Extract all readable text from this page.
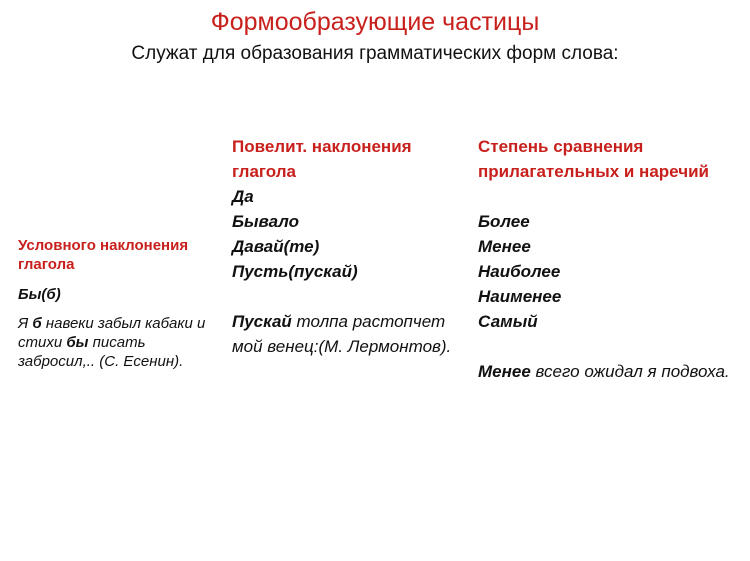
Формообразующие частицы
Служат для образования грамматических форм слова:
Условного наклонения глагола
Бы(б)
Я б навеки забыл кабаки и стихи бы писать забросил,.. (С. Есенин).
Повелит. наклонения глагола
Да
Бывало
Давай(те)
Пусть(пускай)
Пускай толпа растопчет мой венец:(М. Лермонтов).
Степень сравнения прилагательных и наречий
Более
Менее
Наиболее
Наименее
Самый
Менее всего ожидал я подвоха.
